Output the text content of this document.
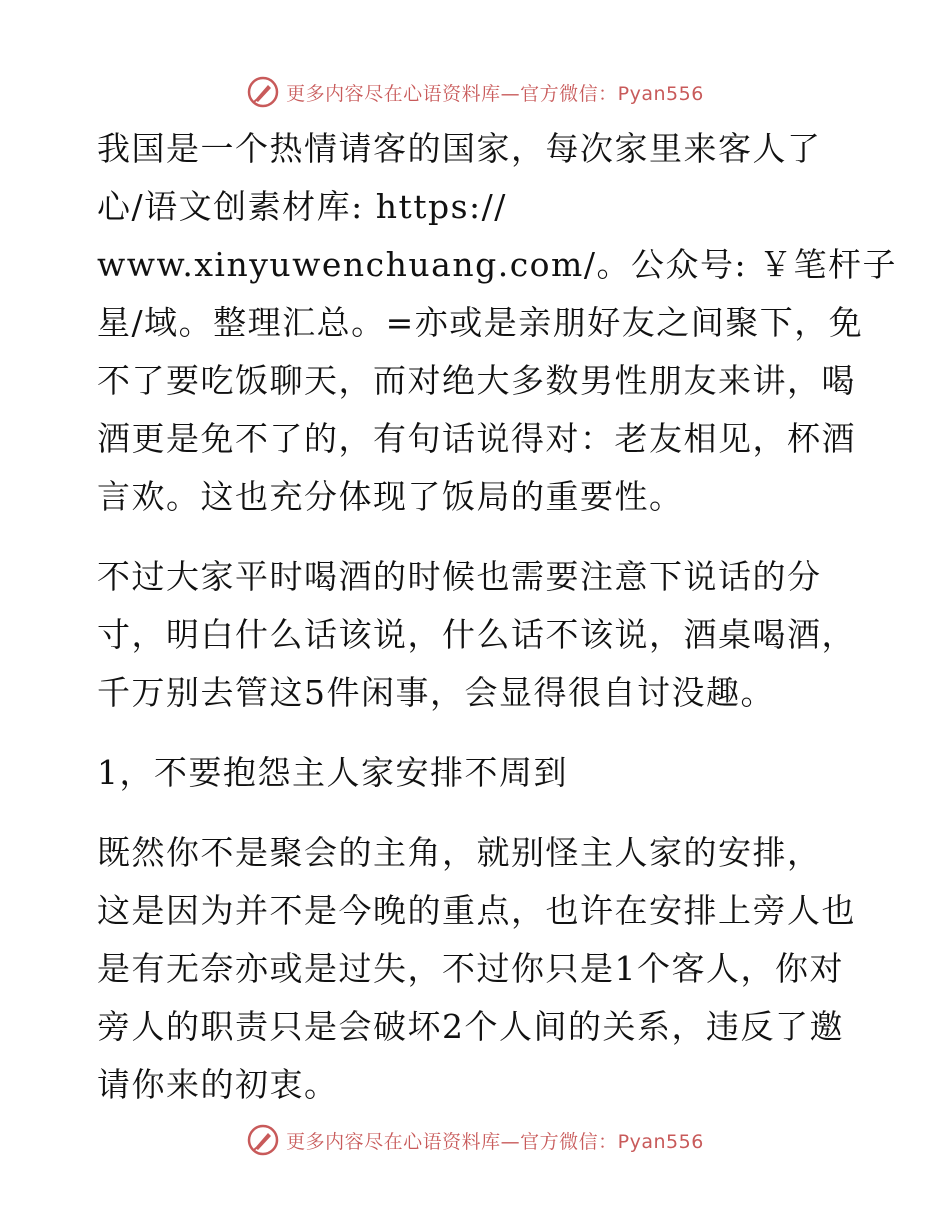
更多内容尽在心语资料库—官方微信：Pyan556
我国是一个热情请客的国家，每次家里来客人了
心/语文创素材库: https://
www.xinyuwenchuang.com/。公众号: ￥笔杆子
星/域。整理汇总。=亦或是亲朋好友之间聚下，免
不了要吃饭聊天，而对绝大多数男性朋友来讲，喝
酒更是免不了的，有句话说得对：老友相见，杯酒
言欢。这也充分体现了饭局的重要性。
不过大家平时喝酒的时候也需要注意下说话的分
寸，明白什么话该说，什么话不该说，酒桌喝酒，
千万别去管这5件闲事，会显得很自讨没趣。
1，不要抱怨主人家安排不周到
既然你不是聚会的主角，就别怪主人家的安排，
这是因为并不是今晚的重点，也许在安排上旁人也
是有无奈亦或是过失，不过你只是1个客人，你对
旁人的职责只是会破坏2个人间的关系，违反了邀
请你来的初衷。
更多内容尽在心语资料库—官方微信：Pyan556
